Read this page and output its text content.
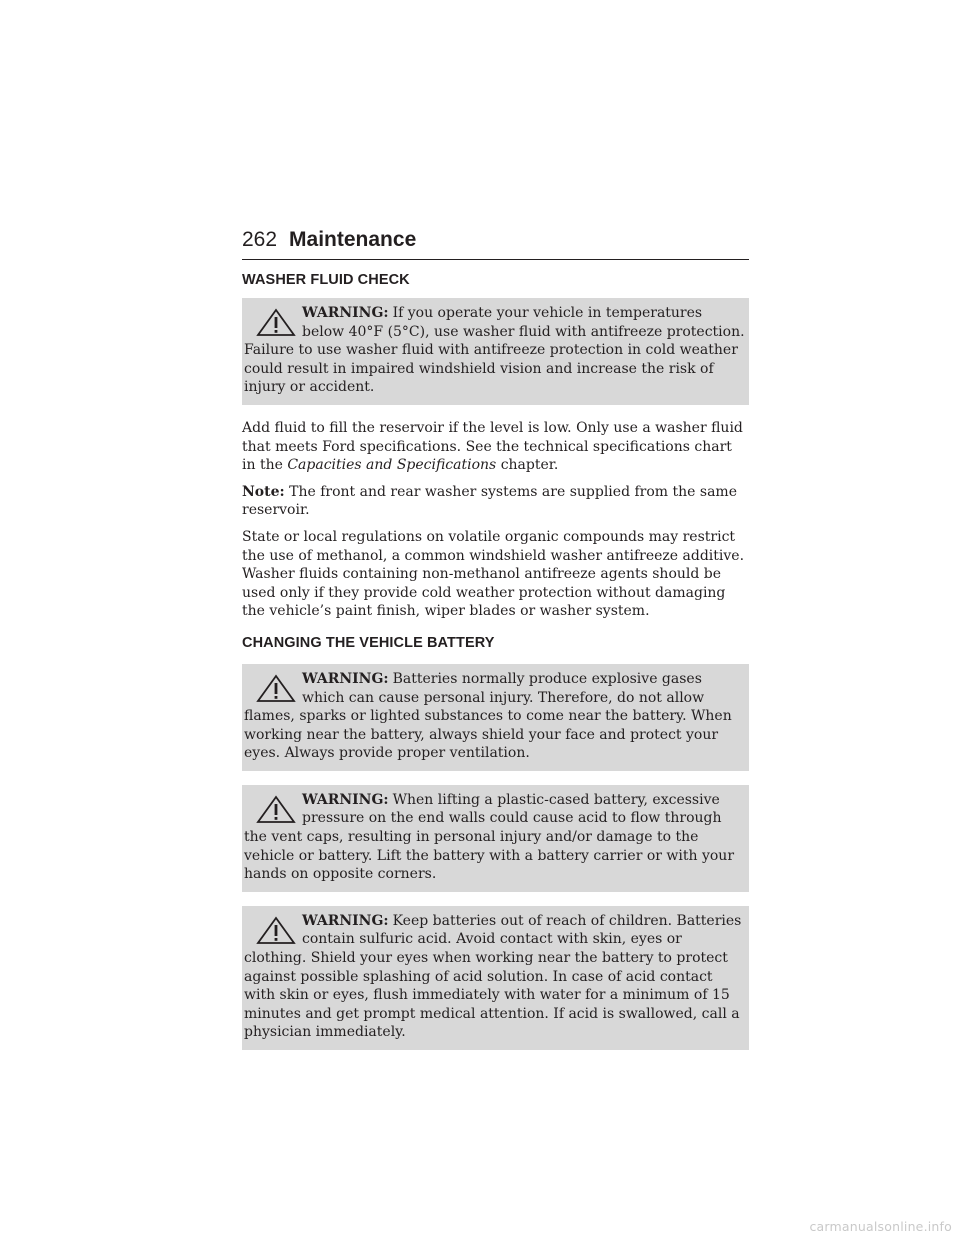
262 Maintenance
WASHER FLUID CHECK
WARNING: If you operate your vehicle in temperatures below 40°F (5°C), use washer fluid with antifreeze protection. Failure to use washer fluid with antifreeze protection in cold weather could result in impaired windshield vision and increase the risk of injury or accident.

Add fluid to fill the reservoir if the level is low. Only use a washer fluid that meets Ford specifications. See the technical specifications chart in the Capacities and Specifications chapter.

Note: The front and rear washer systems are supplied from the same reservoir.

State or local regulations on volatile organic compounds may restrict the use of methanol, a common windshield washer antifreeze additive. Washer fluids containing non-methanol antifreeze agents should be used only if they provide cold weather protection without damaging the vehicle’s paint finish, wiper blades or washer system.

CHANGING THE VEHICLE BATTERY
WARNING: Batteries normally produce explosive gases which can cause personal injury. Therefore, do not allow flames, sparks or lighted substances to come near the battery. When working near the battery, always shield your face and protect your eyes. Always provide proper ventilation.
WARNING: When lifting a plastic-cased battery, excessive pressure on the end walls could cause acid to flow through the vent caps, resulting in personal injury and/or damage to the vehicle or battery. Lift the battery with a battery carrier or with your hands on opposite corners.
WARNING: Keep batteries out of reach of children. Batteries contain sulfuric acid. Avoid contact with skin, eyes or clothing. Shield your eyes when working near the battery to protect against possible splashing of acid solution. In case of acid contact with skin or eyes, flush immediately with water for a minimum of 15 minutes and get prompt medical attention. If acid is swallowed, call a physician immediately.
carmanualsonline.info
